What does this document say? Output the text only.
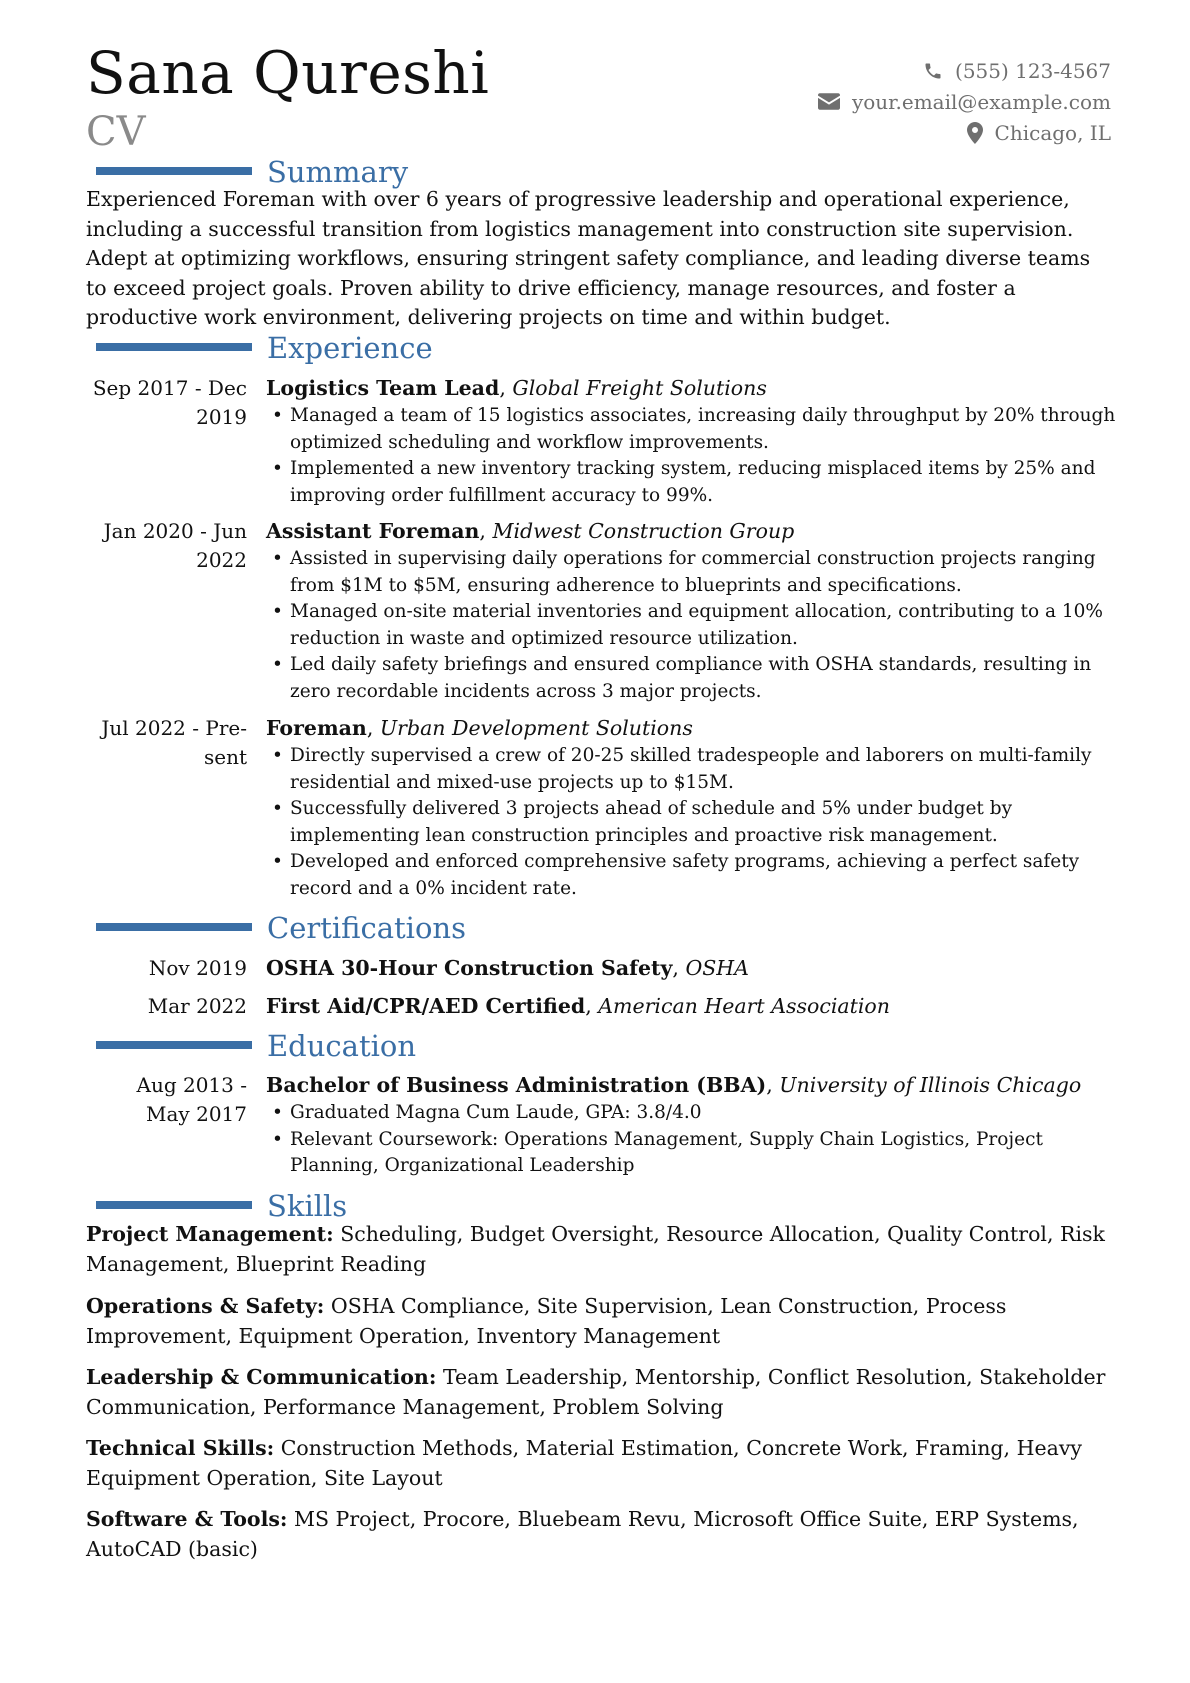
Sana Qureshi
CV
(555) 123-4567
your.email@example.com
Chicago, IL
Summary
Experienced Foreman with over 6 years of progressive leadership and operational experience, including a successful transition from logistics management into construction site supervision. Adept at optimizing workflows, ensuring stringent safety compliance, and leading diverse teams to exceed project goals. Proven ability to drive efficiency, manage resources, and foster a productive work environment, delivering projects on time and within budget.
Experience
Sep 2017 - Dec
2019
Logistics Team Lead, Global Freight Solutions
• Managed a team of 15 logistics associates, increasing daily throughput by 20% through optimized scheduling and workflow improvements.
• Implemented a new inventory tracking system, reducing misplaced items by 25% and improving order fulfillment accuracy to 99%.
Jan 2020 - Jun
2022
Assistant Foreman, Midwest Construction Group
• Assisted in supervising daily operations for commercial construction projects ranging from $1M to $5M, ensuring adherence to blueprints and specifications.
• Managed on-site material inventories and equipment allocation, contributing to a 10% reduction in waste and optimized resource utilization.
• Led daily safety briefings and ensured compliance with OSHA standards, resulting in zero recordable incidents across 3 major projects.
Jul 2022 - Pre-
sent
Foreman, Urban Development Solutions
• Directly supervised a crew of 20-25 skilled tradespeople and laborers on multi-family residential and mixed-use projects up to $15M.
• Successfully delivered 3 projects ahead of schedule and 5% under budget by implementing lean construction principles and proactive risk management.
• Developed and enforced comprehensive safety programs, achieving a perfect safety record and a 0% incident rate.
Certifications
Nov 2019 OSHA 30-Hour Construction Safety, OSHA
Mar 2022 First Aid/CPR/AED Certified, American Heart Association
Education
Aug 2013 -
May 2017
Bachelor of Business Administration (BBA), University of Illinois Chicago
• Graduated Magna Cum Laude, GPA: 3.8/4.0
• Relevant Coursework: Operations Management, Supply Chain Logistics, Project Planning, Organizational Leadership
Skills
Project Management: Scheduling, Budget Oversight, Resource Allocation, Quality Control, Risk Management, Blueprint Reading
Operations & Safety: OSHA Compliance, Site Supervision, Lean Construction, Process Improvement, Equipment Operation, Inventory Management
Leadership & Communication: Team Leadership, Mentorship, Conflict Resolution, Stakeholder Communication, Performance Management, Problem Solving
Technical Skills: Construction Methods, Material Estimation, Concrete Work, Framing, Heavy Equipment Operation, Site Layout
Software & Tools: MS Project, Procore, Bluebeam Revu, Microsoft Office Suite, ERP Systems, AutoCAD (basic)
